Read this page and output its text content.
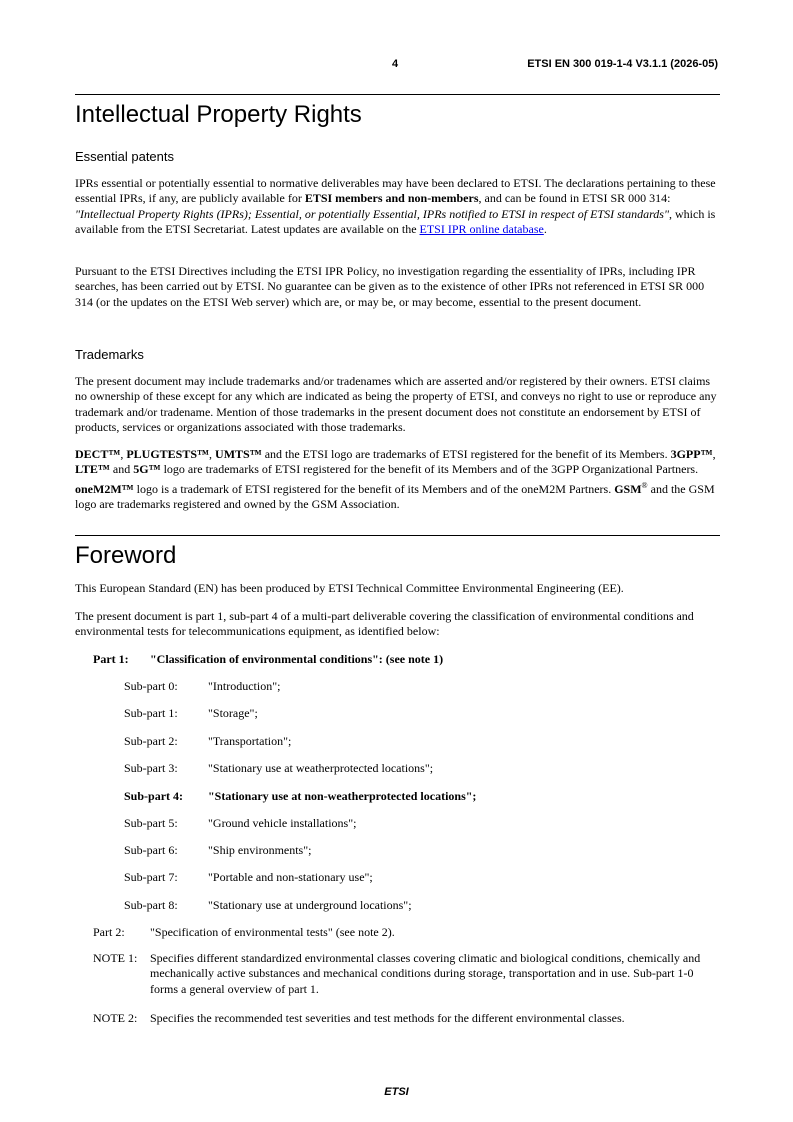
4	ETSI EN 300 019-1-4 V3.1.1 (2026-05)
Intellectual Property Rights
Essential patents
IPRs essential or potentially essential to normative deliverables may have been declared to ETSI. The declarations pertaining to these essential IPRs, if any, are publicly available for ETSI members and non-members, and can be found in ETSI SR 000 314: "Intellectual Property Rights (IPRs); Essential, or potentially Essential, IPRs notified to ETSI in respect of ETSI standards", which is available from the ETSI Secretariat. Latest updates are available on the ETSI IPR online database.
Pursuant to the ETSI Directives including the ETSI IPR Policy, no investigation regarding the essentiality of IPRs, including IPR searches, has been carried out by ETSI. No guarantee can be given as to the existence of other IPRs not referenced in ETSI SR 000 314 (or the updates on the ETSI Web server) which are, or may be, or may become, essential to the present document.
Trademarks
The present document may include trademarks and/or tradenames which are asserted and/or registered by their owners. ETSI claims no ownership of these except for any which are indicated as being the property of ETSI, and conveys no right to use or reproduce any trademark and/or tradename. Mention of those trademarks in the present document does not constitute an endorsement by ETSI of products, services or organizations associated with those trademarks.
DECT™, PLUGTESTS™, UMTS™ and the ETSI logo are trademarks of ETSI registered for the benefit of its Members. 3GPP™, LTE™ and 5G™ logo are trademarks of ETSI registered for the benefit of its Members and of the 3GPP Organizational Partners. oneM2M™ logo is a trademark of ETSI registered for the benefit of its Members and of the oneM2M Partners. GSM® and the GSM logo are trademarks registered and owned by the GSM Association.
Foreword
This European Standard (EN) has been produced by ETSI Technical Committee Environmental Engineering (EE).
The present document is part 1, sub-part 4 of a multi-part deliverable covering the classification of environmental conditions and environmental tests for telecommunications equipment, as identified below:
Part 1: "Classification of environmental conditions": (see note 1)
Sub-part 0:	"Introduction";
Sub-part 1:	"Storage";
Sub-part 2:	"Transportation";
Sub-part 3:	"Stationary use at weatherprotected locations";
Sub-part 4: "Stationary use at non-weatherprotected locations";
Sub-part 5:	"Ground vehicle installations";
Sub-part 6:	"Ship environments";
Sub-part 7:	"Portable and non-stationary use";
Sub-part 8:	"Stationary use at underground locations";
Part 2: "Specification of environmental tests" (see note 2).
NOTE 1: Specifies different standardized environmental classes covering climatic and biological conditions, chemically and mechanically active substances and mechanical conditions during storage, transportation and in use. Sub-part 1-0 forms a general overview of part 1.
NOTE 2: Specifies the recommended test severities and test methods for the different environmental classes.
ETSI
